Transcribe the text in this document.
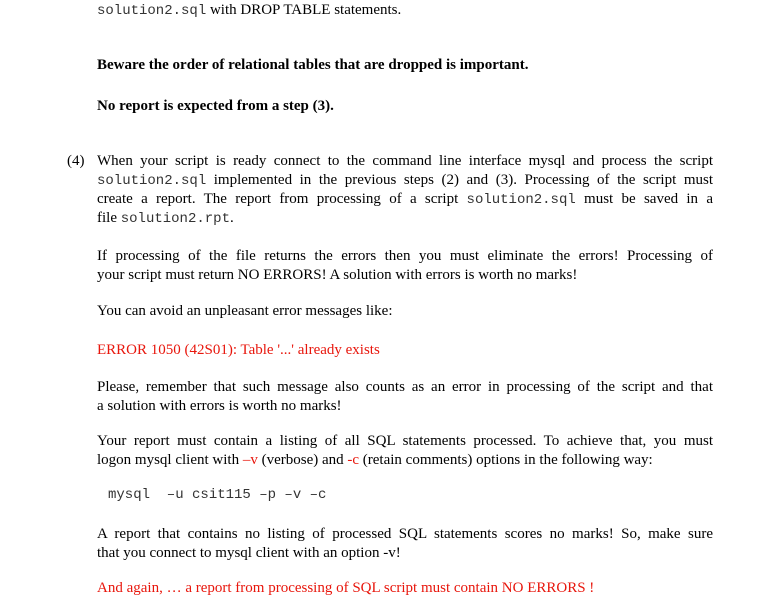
solution2.sql with DROP TABLE statements.
Beware the order of relational tables that are dropped is important.
No report is expected from a step (3).
(4) When your script is ready connect to the command line interface mysql and process the script
solution2.sql implemented in the previous steps (2) and (3). Processing of the script must
create a report. The report from processing of a script solution2.sql must be saved in a
file solution2.rpt.
If processing of the file returns the errors then you must eliminate the errors! Processing of
your script must return NO ERRORS! A solution with errors is worth no marks!
You can avoid an unpleasant error messages like:
ERROR 1050 (42S01): Table '...' already exists
Please, remember that such message also counts as an error in processing of the script and that
a solution with errors is worth no marks!
Your report must contain a listing of all SQL statements processed. To achieve that, you must
logon mysql client with –v (verbose) and -c (retain comments) options in the following way:
mysql  –u csit115 –p –v –c
A report that contains no listing of processed SQL statements scores no marks! So, make sure
that you connect to mysql client with an option -v!
And again, … a report from processing of SQL script must contain NO ERRORS !
